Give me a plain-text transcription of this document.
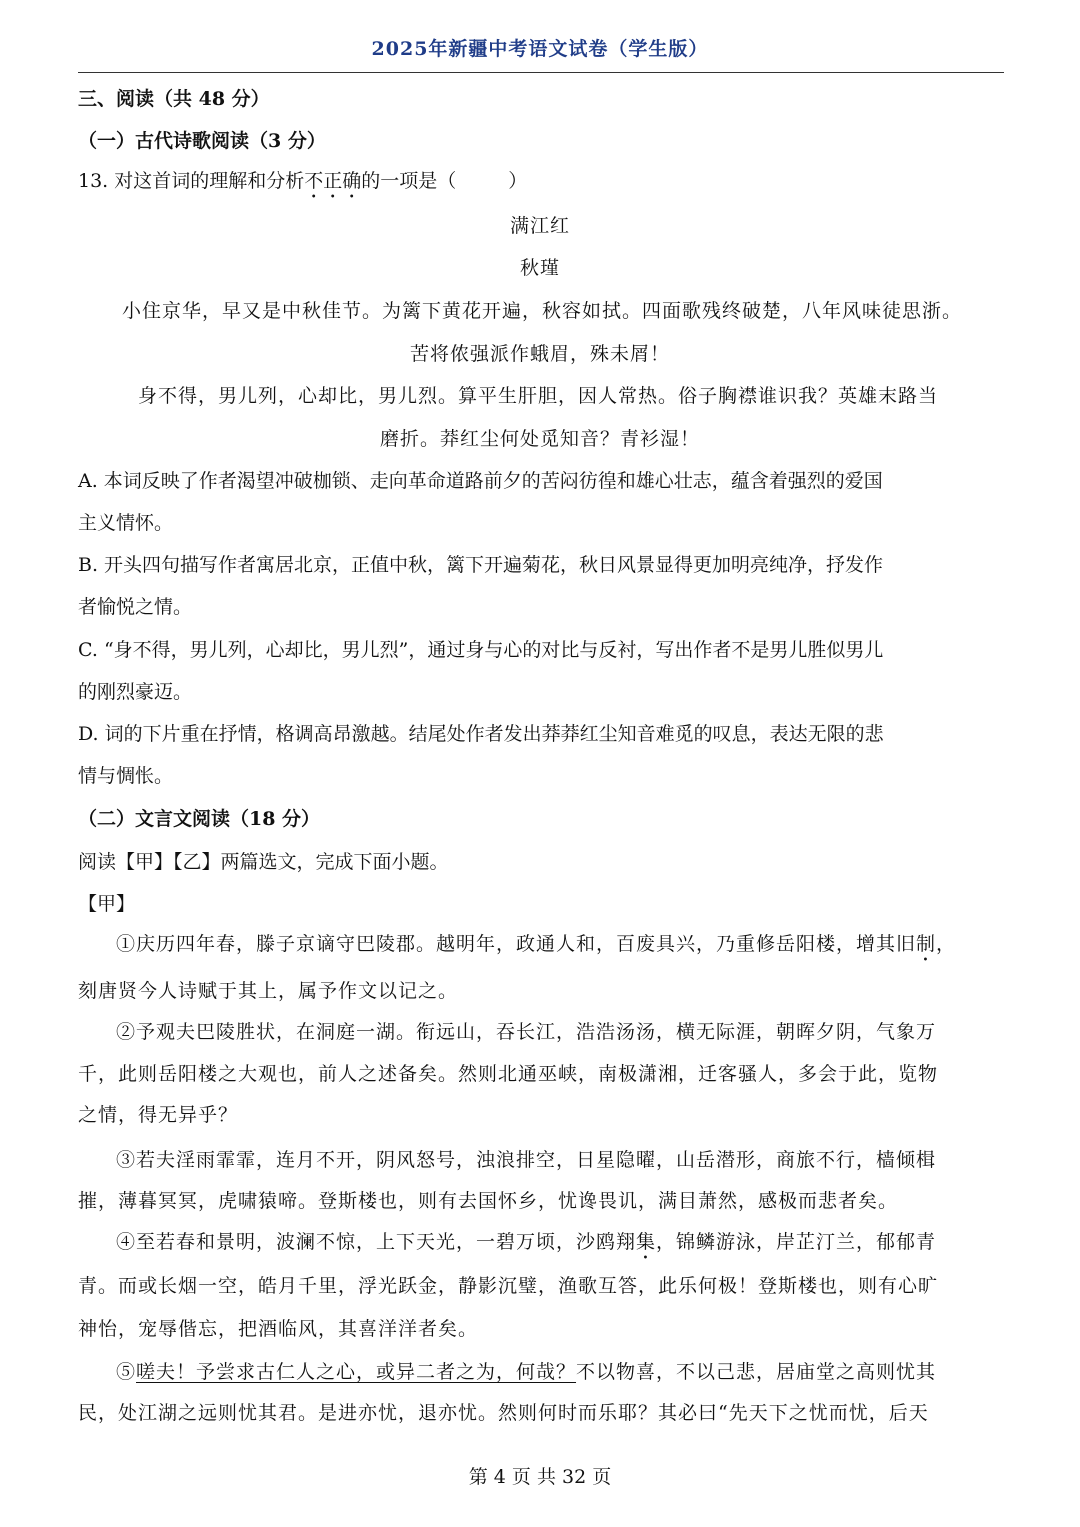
2025年新疆中考语文试卷（学生版）
三、阅读（共 48 分）
（一）古代诗歌阅读（3 分）
13. 对这首词的理解和分析不正确的一项是（	）
满江红
秋瑾
小住京华，早又是中秋佳节。为篱下黄花开遍，秋容如拭。四面歌残终破楚，八年风味徒思浙。
苦将侬强派作蛾眉，殊未屑！
身不得，男儿列，心却比，男儿烈。算平生肝胆，因人常热。俗子胸襟谁识我？英雄末路当
磨折。莽红尘何处觅知音？青衫湿！
A. 本词反映了作者渴望冲破枷锁、走向革命道路前夕的苦闷彷徨和雄心壮志，蕴含着强烈的爱国
主义情怀。
B. 开头四句描写作者寓居北京，正值中秋，篱下开遍菊花，秋日风景显得更加明亮纯净，抒发作
者愉悦之情。
C. “身不得，男儿列，心却比，男儿烈”，通过身与心的对比与反衬，写出作者不是男儿胜似男儿
的刚烈豪迈。
D. 词的下片重在抒情，格调高昂激越。结尾处作者发出莽莽红尘知音难觅的叹息，表达无限的悲
情与惆怅。
（二）文言文阅读（18 分）
阅读【甲】【乙】两篇选文，完成下面小题。
【甲】
①庆历四年春，滕子京谪守巴陵郡。越明年，政通人和，百废具兴，乃重修岳阳楼，增其旧制，
刻唐贤今人诗赋于其上，属予作文以记之。
②予观夫巴陵胜状，在洞庭一湖。衔远山，吞长江，浩浩汤汤，横无际涯，朝晖夕阴，气象万
千，此则岳阳楼之大观也，前人之述备矣。然则北通巫峡，南极潇湘，迁客骚人，多会于此，览物
之情，得无异乎？
③若夫淫雨霏霏，连月不开，阴风怒号，浊浪排空，日星隐曜，山岳潜形，商旅不行，樯倾楫
摧，薄暮冥冥，虎啸猿啼。登斯楼也，则有去国怀乡，忧谗畏讥，满目萧然，感极而悲者矣。
④至若春和景明，波澜不惊，上下天光，一碧万顷，沙鸥翔集，锦鳞游泳，岸芷汀兰，郁郁青
青。而或长烟一空，皓月千里，浮光跃金，静影沉璧，渔歌互答，此乐何极！登斯楼也，则有心旷
神怡，宠辱偕忘，把酒临风，其喜洋洋者矣。
⑤嗟夫！予尝求古仁人之心，或异二者之为，何哉？不以物喜，不以己悲，居庙堂之高则忧其
民，处江湖之远则忧其君。是进亦忧，退亦忧。然则何时而乐耶？其必曰“先天下之忧而忧，后天
第 4 页 共 32 页
